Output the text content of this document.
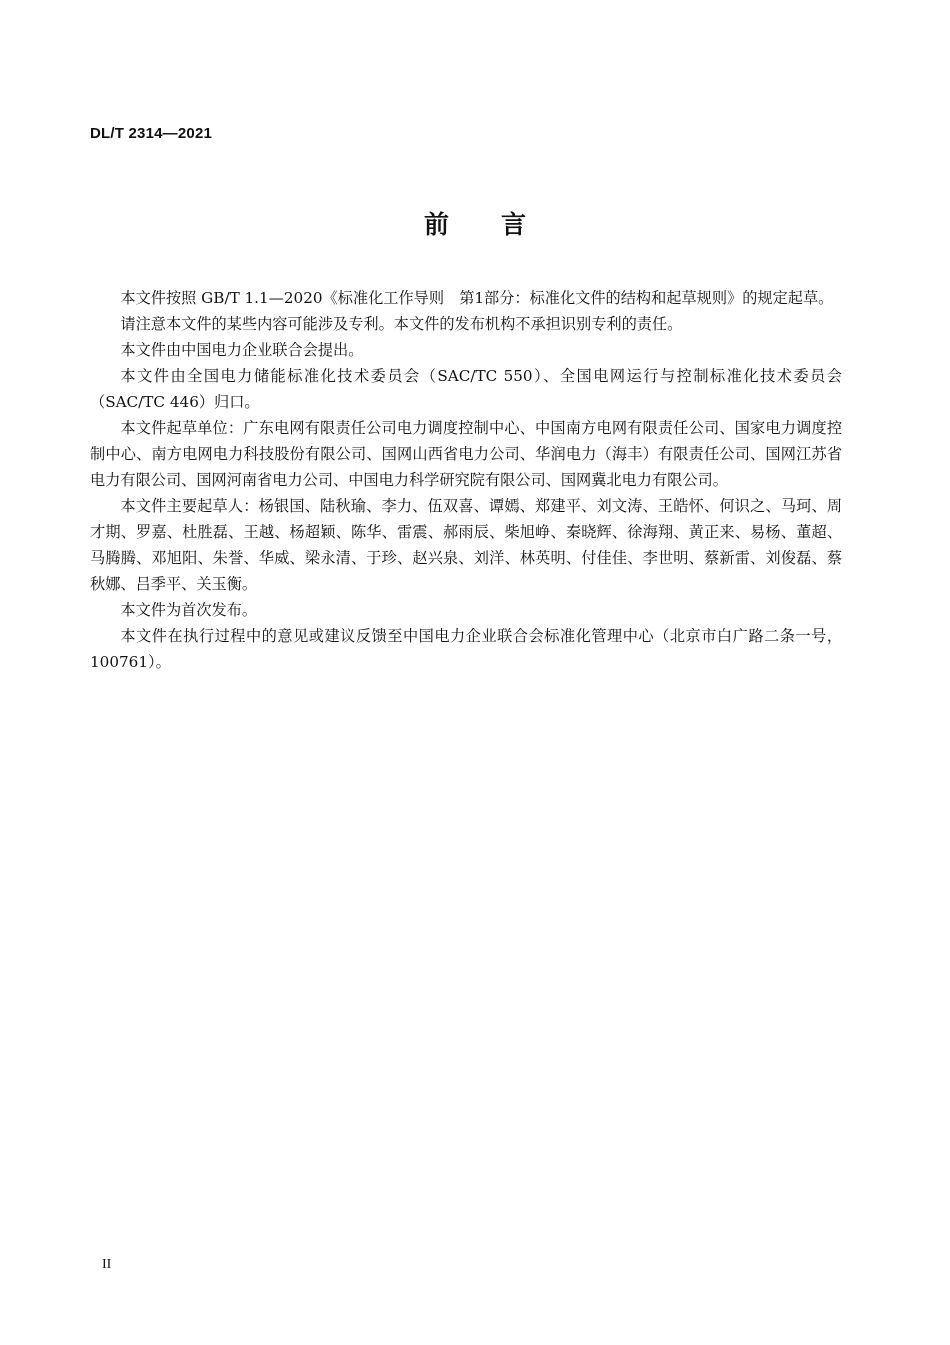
DL/T 2314—2021
前言

本文件按照 GB/T 1.1—2020《标准化工作导则　第1部分：标准化文件的结构和起草规则》的规定起草。

请注意本文件的某些内容可能涉及专利。本文件的发布机构不承担识别专利的责任。

本文件由中国电力企业联合会提出。

本文件由全国电力储能标准化技术委员会（SAC/TC 550）、全国电网运行与控制标准化技术委员会（SAC/TC 446）归口。

本文件起草单位：广东电网有限责任公司电力调度控制中心、中国南方电网有限责任公司、国家电力调度控制中心、南方电网电力科技股份有限公司、国网山西省电力公司、华润电力（海丰）有限责任公司、国网江苏省电力有限公司、国网河南省电力公司、中国电力科学研究院有限公司、国网冀北电力有限公司。

本文件主要起草人：杨银国、陆秋瑜、李力、伍双喜、谭嫣、郑建平、刘文涛、王皓怀、何识之、马珂、周才期、罗嘉、杜胜磊、王越、杨超颖、陈华、雷震、郝雨辰、柴旭峥、秦晓辉、徐海翔、黄正来、易杨、董超、马腾腾、邓旭阳、朱誉、华威、梁永清、于珍、赵兴泉、刘洋、林英明、付佳佳、李世明、蔡新雷、刘俊磊、蔡秋娜、吕季平、关玉衡。

本文件为首次发布。

本文件在执行过程中的意见或建议反馈至中国电力企业联合会标准化管理中心（北京市白广路二条一号，100761）。

II
